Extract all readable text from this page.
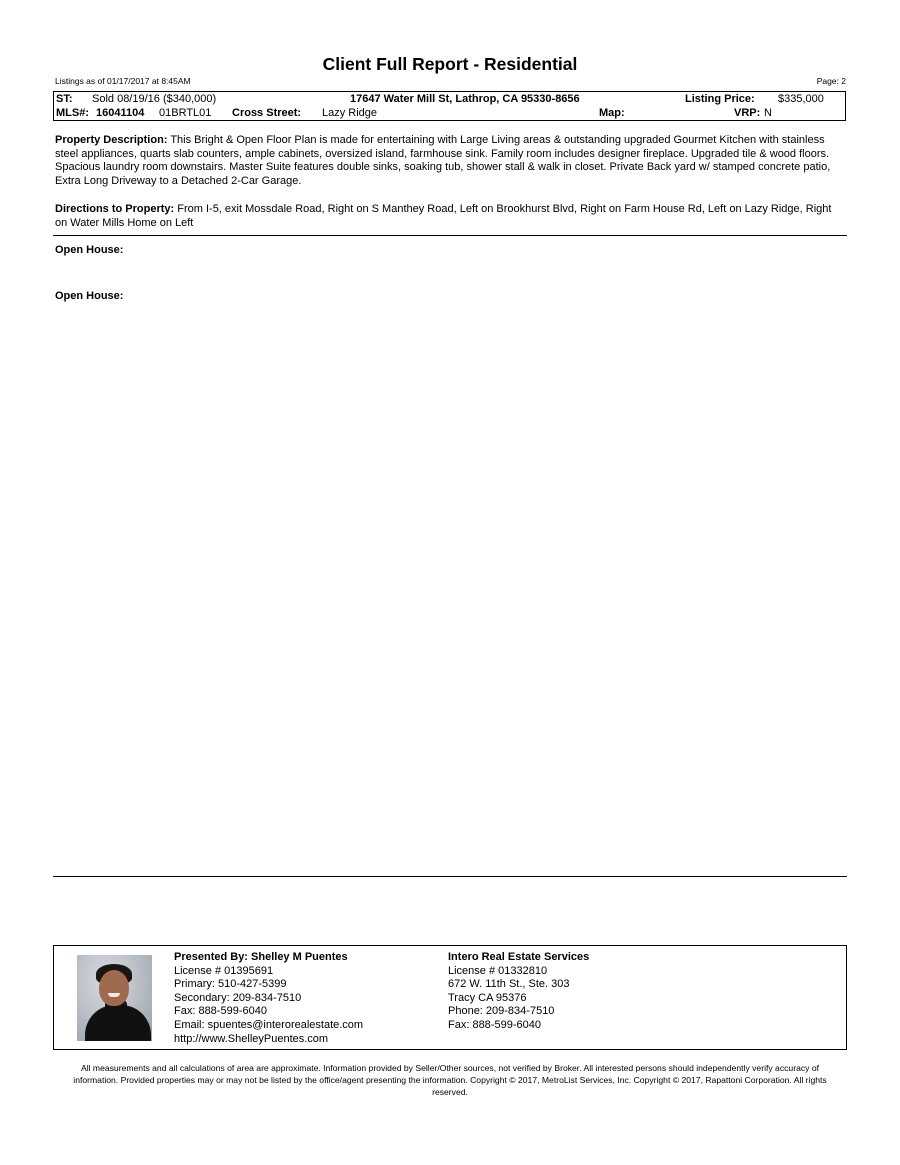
Client Full Report - Residential
Listings as of 01/17/2017 at 8:45AM	Page: 2
ST: Sold 08/19/16 ($340,000)	17647 Water Mill St, Lathrop, CA 95330-8656	Listing Price: $335,000
MLS#: 16041104 01BRTL01 Cross Street: Lazy Ridge	Map:	VRP: N
Property Description: This Bright & Open Floor Plan is made for entertaining with Large Living areas & outstanding upgraded Gourmet Kitchen with stainless steel appliances, quarts slab counters, ample cabinets, oversized island, farmhouse sink. Family room includes designer fireplace. Upgraded tile & wood floors. Spacious laundry room downstairs. Master Suite features double sinks, soaking tub, shower stall & walk in closet. Private Back yard w/ stamped concrete patio, Extra Long Driveway to a Detached 2-Car Garage.
Directions to Property: From I-5, exit Mossdale Road, Right on S Manthey Road, Left on Brookhurst Blvd, Right on Farm House Rd, Left on Lazy Ridge, Right on Water Mills Home on Left
Open House:
Open House:
Presented By: Shelley M Puentes
License # 01395691
Primary: 510-427-5399
Secondary: 209-834-7510
Fax: 888-599-6040
Email: spuentes@interorealestate.com
http://www.ShelleyPuentes.com
Intero Real Estate Services
License # 01332810
672 W. 11th St., Ste. 303
Tracy CA 95376
Phone: 209-834-7510
Fax: 888-599-6040
All measurements and all calculations of area are approximate. Information provided by Seller/Other sources, not verified by Broker. All interested persons should independently verify accuracy of information. Provided properties may or may not be listed by the office/agent presenting the information. Copyright © 2017, MetroList Services, Inc. Copyright © 2017, Rapattoni Corporation. All rights reserved.
